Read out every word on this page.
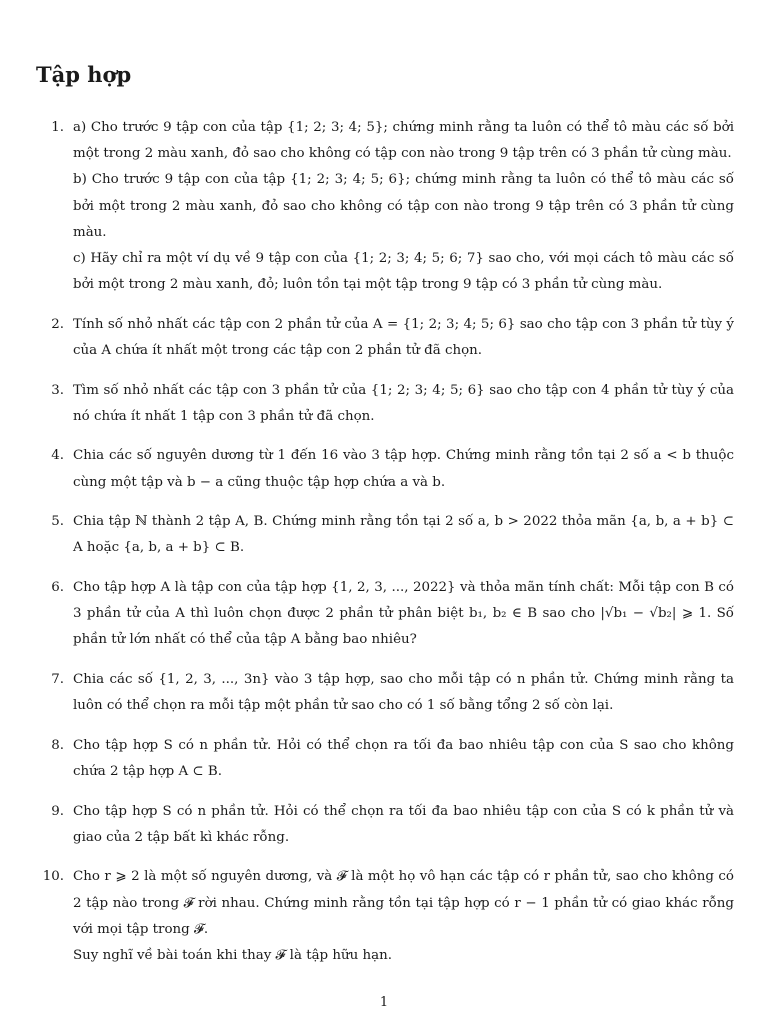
Tập hợp
1. a) Cho trước 9 tập con của tập {1; 2; 3; 4; 5}; chứng minh rằng ta luôn có thể tô màu các số bởi một trong 2 màu xanh, đỏ sao cho không có tập con nào trong 9 tập trên có 3 phần tử cùng màu.
b) Cho trước 9 tập con của tập {1; 2; 3; 4; 5; 6}; chứng minh rằng ta luôn có thể tô màu các số bởi một trong 2 màu xanh, đỏ sao cho không có tập con nào trong 9 tập trên có 3 phần tử cùng màu.
c) Hãy chỉ ra một ví dụ về 9 tập con của {1; 2; 3; 4; 5; 6; 7} sao cho, với mọi cách tô màu các số bởi một trong 2 màu xanh, đỏ; luôn tồn tại một tập trong 9 tập có 3 phần tử cùng màu.
2. Tính số nhỏ nhất các tập con 2 phần tử của A = {1; 2; 3; 4; 5; 6} sao cho tập con 3 phần tử tùy ý của A chứa ít nhất một trong các tập con 2 phần tử đã chọn.
3. Tìm số nhỏ nhất các tập con 3 phần tử của {1; 2; 3; 4; 5; 6} sao cho tập con 4 phần tử tùy ý của nó chứa ít nhất 1 tập con 3 phần tử đã chọn.
4. Chia các số nguyên dương từ 1 đến 16 vào 3 tập hợp. Chứng minh rằng tồn tại 2 số a < b thuộc cùng một tập và b − a cũng thuộc tập hợp chứa a và b.
5. Chia tập ℕ thành 2 tập A, B. Chứng minh rằng tồn tại 2 số a, b > 2022 thỏa mãn {a, b, a + b} ⊂ A hoặc {a, b, a + b} ⊂ B.
6. Cho tập hợp A là tập con của tập hợp {1, 2, 3, ..., 2022} và thỏa mãn tính chất: Mỗi tập con B có 3 phần tử của A thì luôn chọn được 2 phần tử phân biệt b₁, b₂ ∈ B sao cho |√b₁ − √b₂| ⩾ 1. Số phần tử lớn nhất có thể của tập A bằng bao nhiêu?
7. Chia các số {1, 2, 3, ..., 3n} vào 3 tập hợp, sao cho mỗi tập có n phần tử. Chứng minh rằng ta luôn có thể chọn ra mỗi tập một phần tử sao cho có 1 số bằng tổng 2 số còn lại.
8. Cho tập hợp S có n phần tử. Hỏi có thể chọn ra tối đa bao nhiêu tập con của S sao cho không chứa 2 tập hợp A ⊂ B.
9. Cho tập hợp S có n phần tử. Hỏi có thể chọn ra tối đa bao nhiêu tập con của S có k phần tử và giao của 2 tập bất kì khác rỗng.
10. Cho r ⩾ 2 là một số nguyên dương, và 𝓕 là một họ vô hạn các tập có r phần tử, sao cho không có 2 tập nào trong 𝓕 rời nhau. Chứng minh rằng tồn tại tập hợp có r − 1 phần tử có giao khác rỗng với mọi tập trong 𝓕.
Suy nghĩ về bài toán khi thay 𝓕 là tập hữu hạn.
1
